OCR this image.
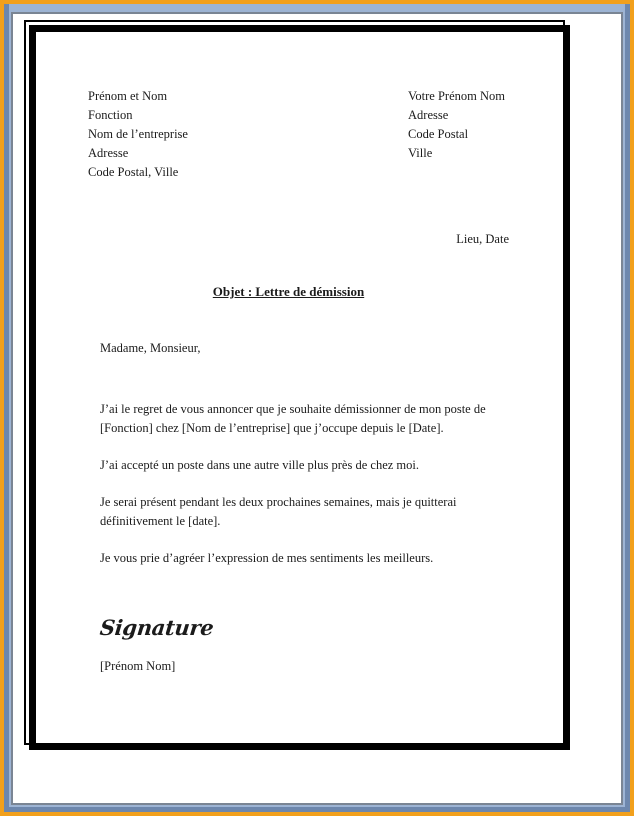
Prénom et Nom
Fonction
Nom de l’entreprise
Adresse
Code Postal, Ville
Votre Prénom Nom
Adresse
Code Postal
Ville
Lieu, Date
Objet : Lettre de démission
Madame, Monsieur,

J’ai le regret de vous annoncer que je souhaite démissionner de mon poste de [Fonction] chez [Nom de l’entreprise] que j’occupe depuis le [Date].

J’ai accepté un poste dans une autre ville plus près de chez moi.

Je serai présent pendant les deux prochaines semaines, mais je quitterai définitivement le [date].

Je vous prie d’agréer l’expression de mes sentiments les meilleurs.

Signature
[Prénom Nom]
